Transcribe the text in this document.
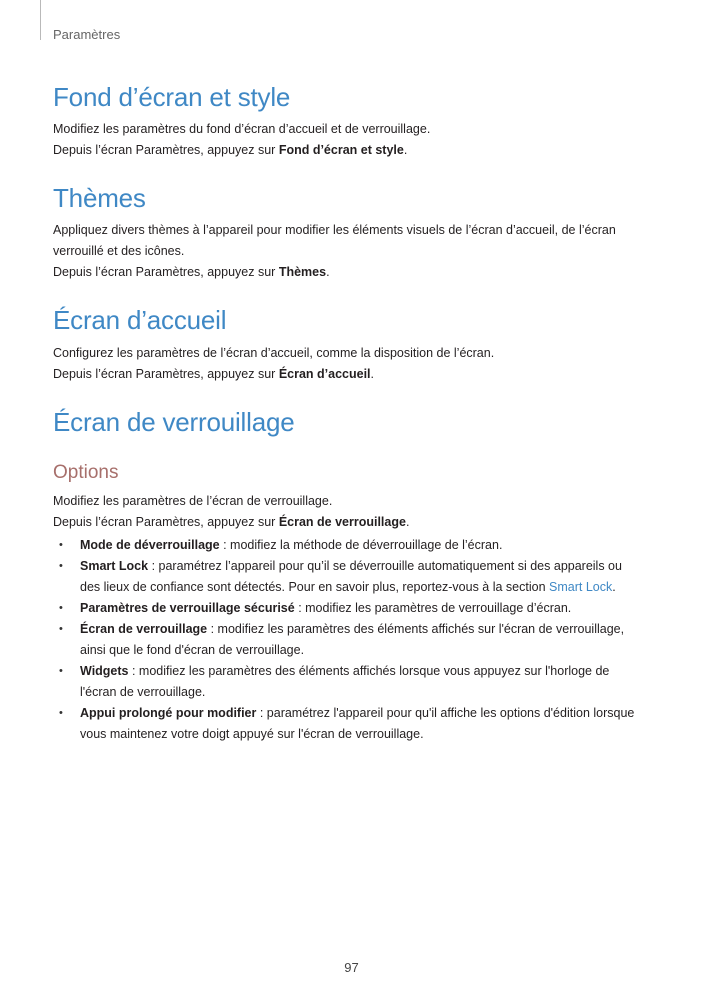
Paramètres
Fond d’écran et style

Modifiez les paramètres du fond d’écran d’accueil et de verrouillage.

Depuis l’écran Paramètres, appuyez sur Fond d’écran et style.

Thèmes

Appliquez divers thèmes à l’appareil pour modifier les éléments visuels de l’écran d’accueil, de l’écran verrouillé et des icônes.

Depuis l’écran Paramètres, appuyez sur Thèmes.

Écran d’accueil

Configurez les paramètres de l’écran d’accueil, comme la disposition de l’écran.

Depuis l’écran Paramètres, appuyez sur Écran d’accueil.

Écran de verrouillage
Options

Modifiez les paramètres de l’écran de verrouillage.

Depuis l’écran Paramètres, appuyez sur Écran de verrouillage.

• Mode de déverrouillage : modifiez la méthode de déverrouillage de l’écran.
• Smart Lock : paramétrez l’appareil pour qu’il se déverrouille automatiquement si des appareils ou des lieux de confiance sont détectés. Pour en savoir plus, reportez-vous à la section Smart Lock.
• Paramètres de verrouillage sécurisé : modifiez les paramètres de verrouillage d’écran.
• Écran de verrouillage : modifiez les paramètres des éléments affichés sur l'écran de verrouillage, ainsi que le fond d'écran de verrouillage.
• Widgets : modifiez les paramètres des éléments affichés lorsque vous appuyez sur l'horloge de l'écran de verrouillage.
• Appui prolongé pour modifier : paramétrez l'appareil pour qu'il affiche les options d'édition lorsque vous maintenez votre doigt appuyé sur l'écran de verrouillage.
97
